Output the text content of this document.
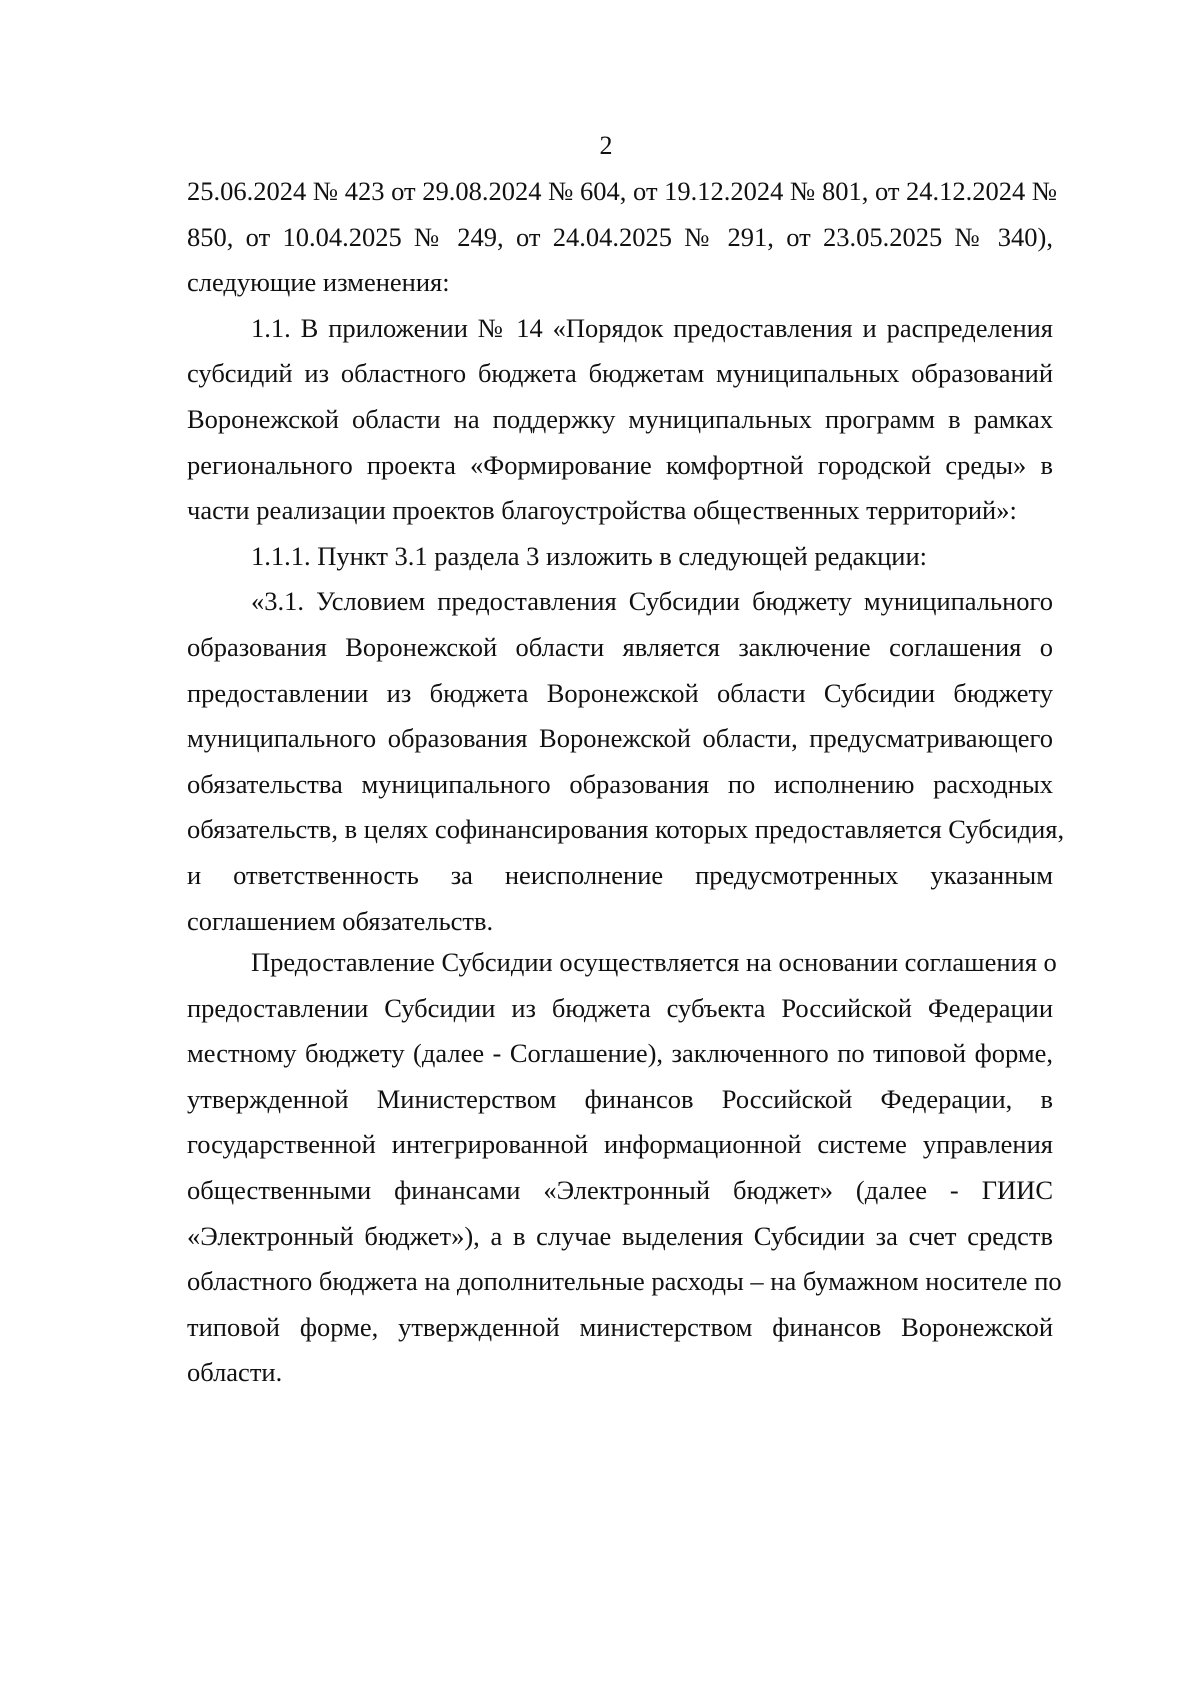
2
25.06.2024 № 423 от 29.08.2024 № 604, от 19.12.2024 № 801, от 24.12.2024 №
850, от 10.04.2025 № 249, от 24.04.2025 № 291, от 23.05.2025 № 340),
следующие изменения:
1.1. В приложении № 14 «Порядок предоставления и распределения
субсидий из областного бюджета бюджетам муниципальных образований
Воронежской области на поддержку муниципальных программ в рамках
регионального проекта «Формирование комфортной городской среды» в
части реализации проектов благоустройства общественных территорий»:
1.1.1. Пункт 3.1 раздела 3 изложить в следующей редакции:
«3.1. Условием предоставления Субсидии бюджету муниципального
образования Воронежской области является заключение соглашения о
предоставлении из бюджета Воронежской области Субсидии бюджету
муниципального образования Воронежской области, предусматривающего
обязательства муниципального образования по исполнению расходных
обязательств, в целях софинансирования которых предоставляется Субсидия,
и ответственность за неисполнение предусмотренных указанным
соглашением обязательств.
Предоставление Субсидии осуществляется на основании соглашения о
предоставлении Субсидии из бюджета субъекта Российской Федерации
местному бюджету (далее - Соглашение), заключенного по типовой форме,
утвержденной Министерством финансов Российской Федерации, в
государственной интегрированной информационной системе управления
общественными финансами «Электронный бюджет» (далее - ГИИС
«Электронный бюджет»), а в случае выделения Субсидии за счет средств
областного бюджета на дополнительные расходы – на бумажном носителе по
типовой форме, утвержденной министерством финансов Воронежской
области.
